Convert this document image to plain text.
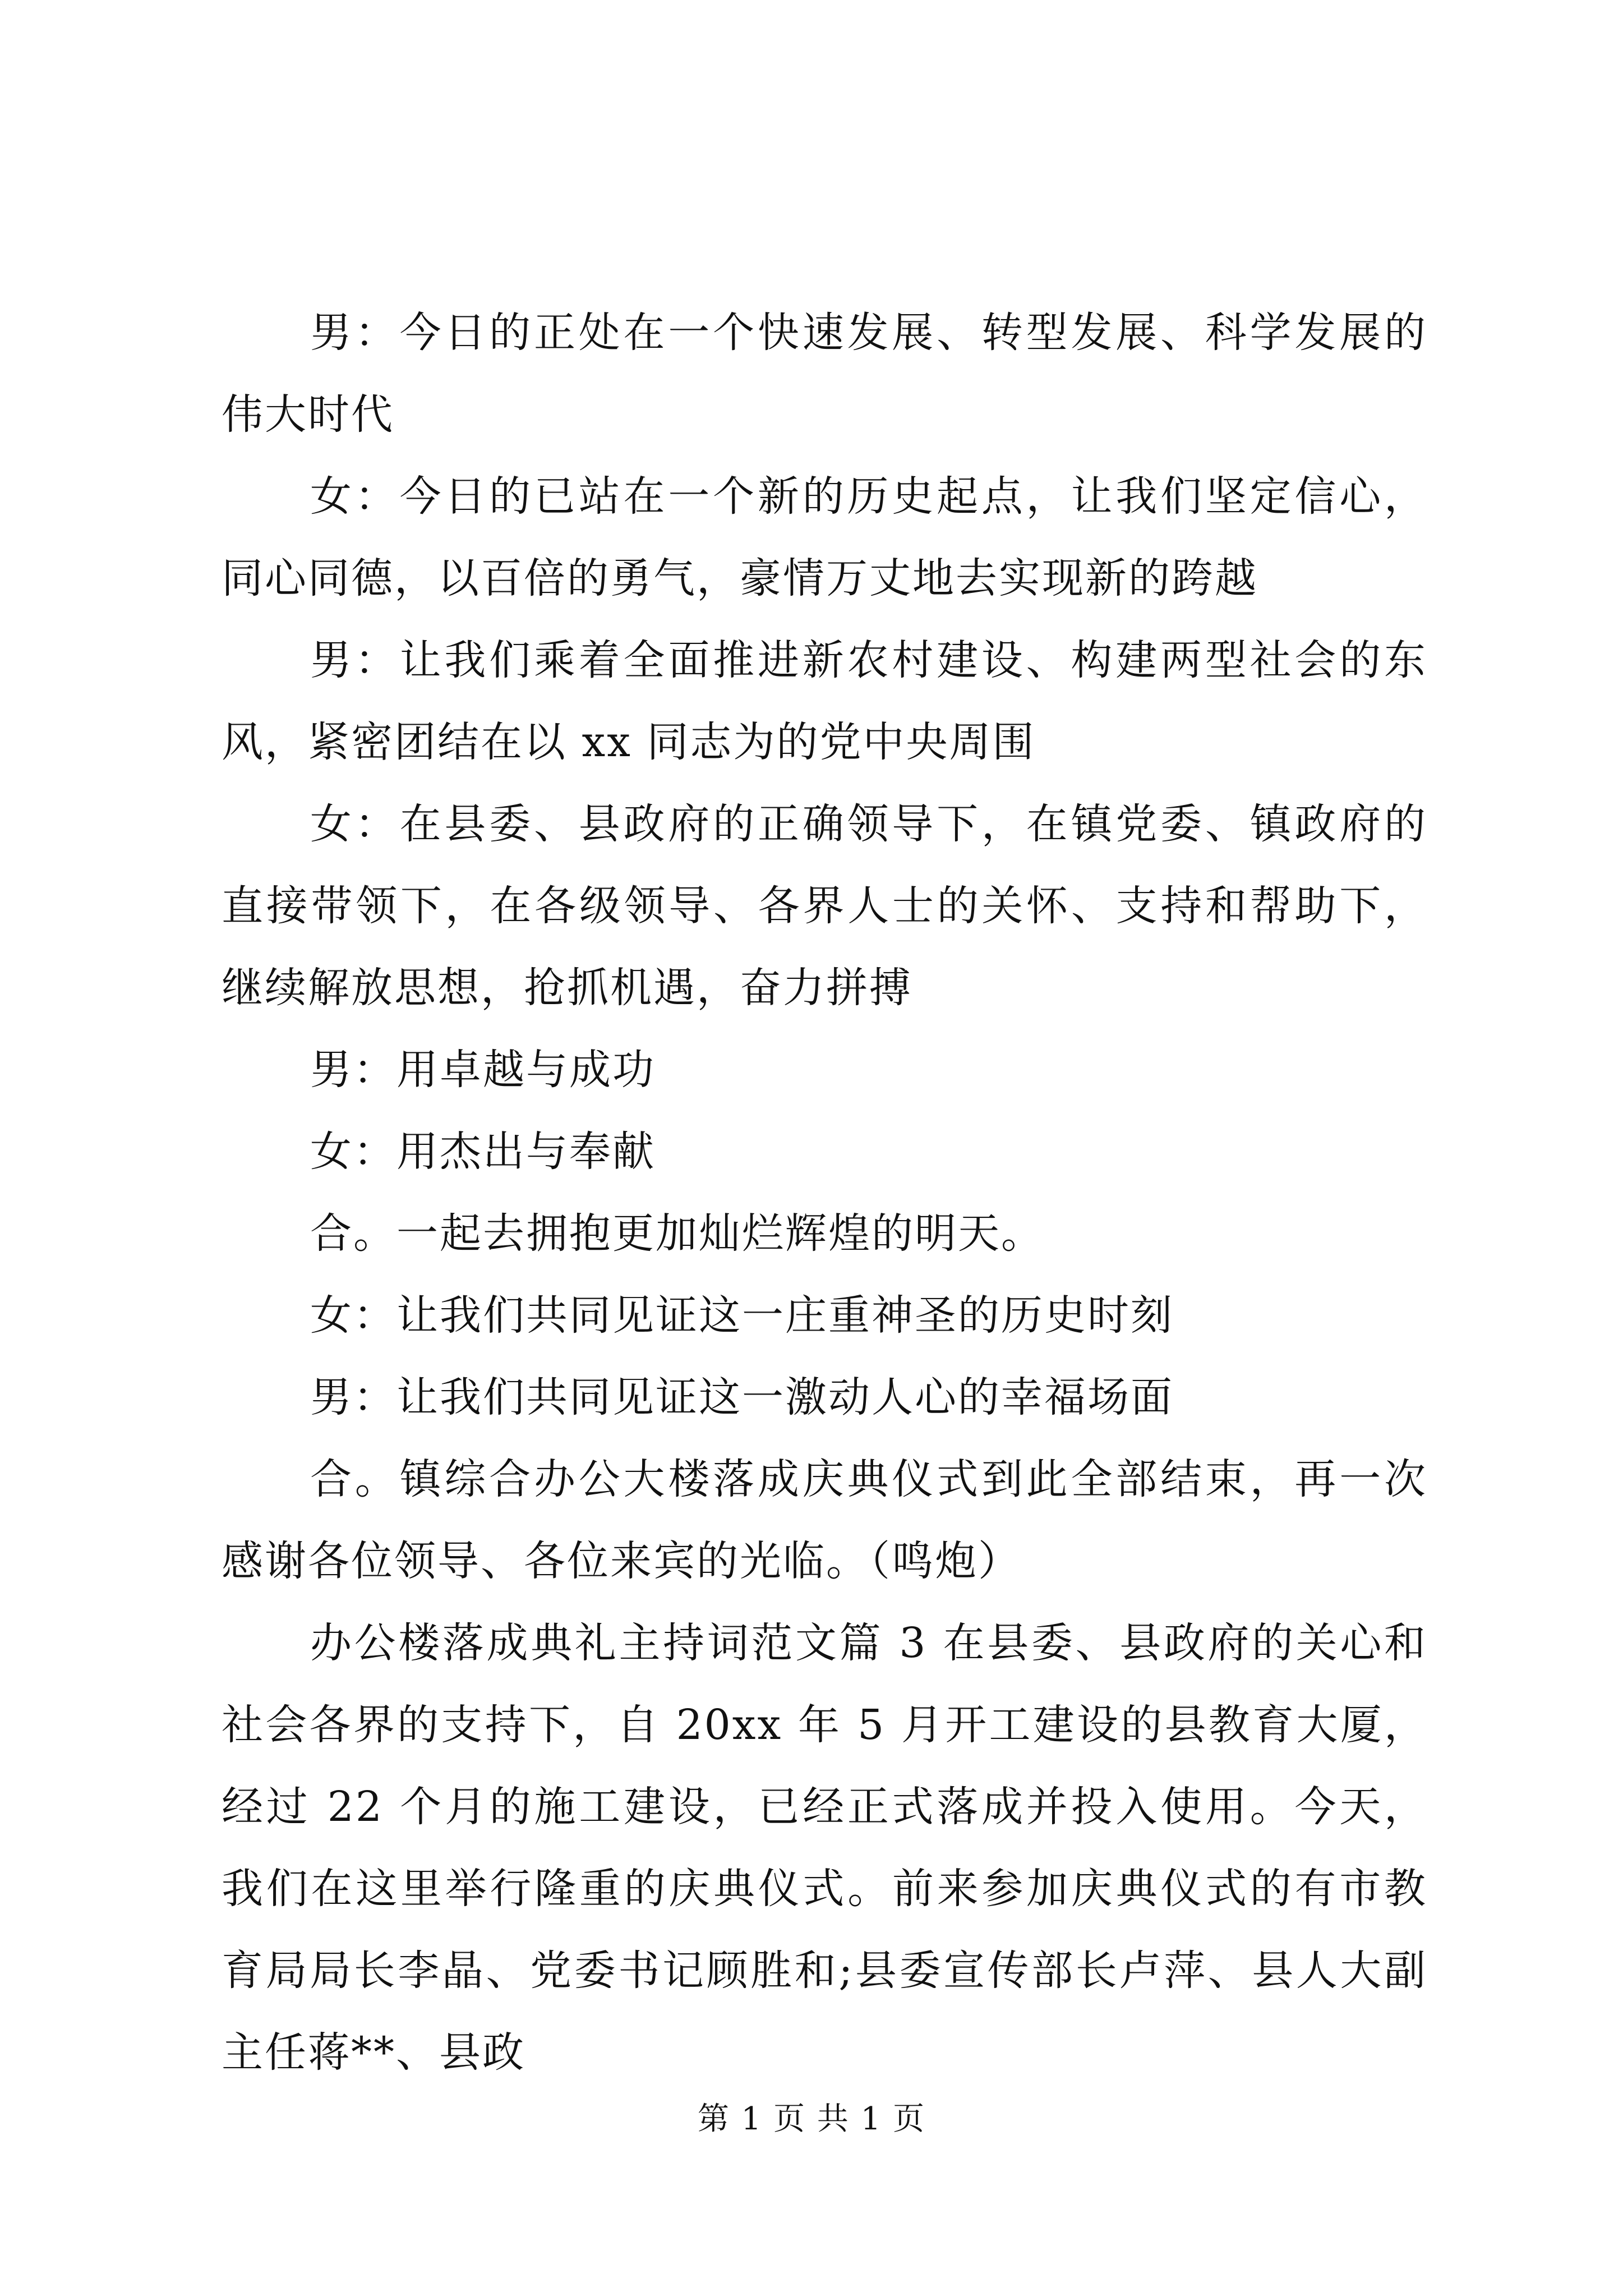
男：今日的正处在一个快速发展、转型发展、科学发展的伟大时代

女：今日的已站在一个新的历史起点，让我们坚定信心，同心同德，以百倍的勇气，豪情万丈地去实现新的跨越

男：让我们乘着全面推进新农村建设、构建两型社会的东风，紧密团结在以 xx 同志为的党中央周围

女：在县委、县政府的正确领导下，在镇党委、镇政府的直接带领下，在各级领导、各界人士的关怀、支持和帮助下，继续解放思想，抢抓机遇，奋力拼搏

男：用卓越与成功

女：用杰出与奉献

合。一起去拥抱更加灿烂辉煌的明天。

女：让我们共同见证这一庄重神圣的历史时刻

男：让我们共同见证这一激动人心的幸福场面

合。镇综合办公大楼落成庆典仪式到此全部结束，再一次感谢各位领导、各位来宾的光临。（鸣炮）

办公楼落成典礼主持词范文篇 3 在县委、县政府的关心和社会各界的支持下，自 20xx 年 5 月开工建设的县教育大厦，经过 22 个月的施工建设，已经正式落成并投入使用。今天，我们在这里举行隆重的庆典仪式。前来参加庆典仪式的有市教育局局长李晶、党委书记顾胜和;县委宣传部长卢萍、县人大副主任蒋**、县政

第 1 页 共 1 页
